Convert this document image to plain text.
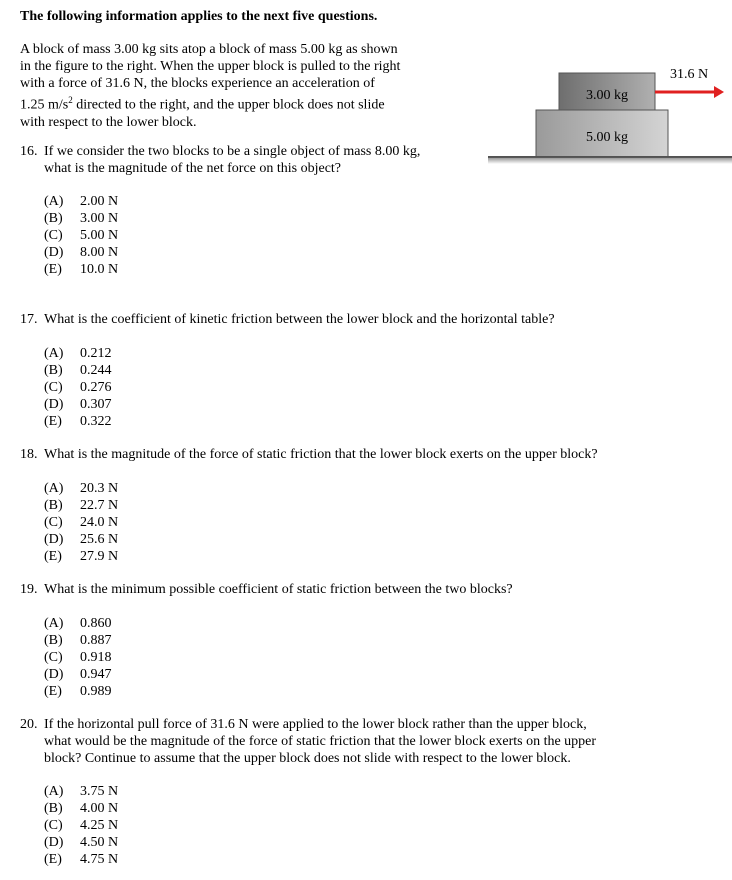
The following information applies to the next five questions.
A block of mass 3.00 kg sits atop a block of mass 5.00 kg as shown
in the figure to the right. When the upper block is pulled to the right
with a force of 31.6 N, the blocks experience an acceleration of
1.25 $m/s^2$ directed to the right, and the upper block does not slide
with respect to the lower block.
3.00 kg
5.00 kg
31.6 N
16. If we consider the two blocks to be a single object of mass 8.00 kg,
what is the magnitude of the net force on this object?
(A) 2.00 N
(B) 3.00 N
(C) 5.00 N
(D) 8.00 N
(E) 10.0 N
17. What is the coefficient of kinetic friction between the lower block and the horizontal table?
(A) 0.212
(B) 0.244
(C) 0.276
(D) 0.307
(E) 0.322
18. What is the magnitude of the force of static friction that the lower block exerts on the upper block?
(A) 20.3 N
(B) 22.7 N
(C) 24.0 N
(D) 25.6 N
(E) 27.9 N
19. What is the minimum possible coefficient of static friction between the two blocks?
(A) 0.860
(B) 0.887
(C) 0.918
(D) 0.947
(E) 0.989
20. If the horizontal pull force of 31.6 N were applied to the lower block rather than the upper block,
what would be the magnitude of the force of static friction that the lower block exerts on the upper
block? Continue to assume that the upper block does not slide with respect to the lower block.
(A) 3.75 N
(B) 4.00 N
(C) 4.25 N
(D) 4.50 N
(E) 4.75 N
